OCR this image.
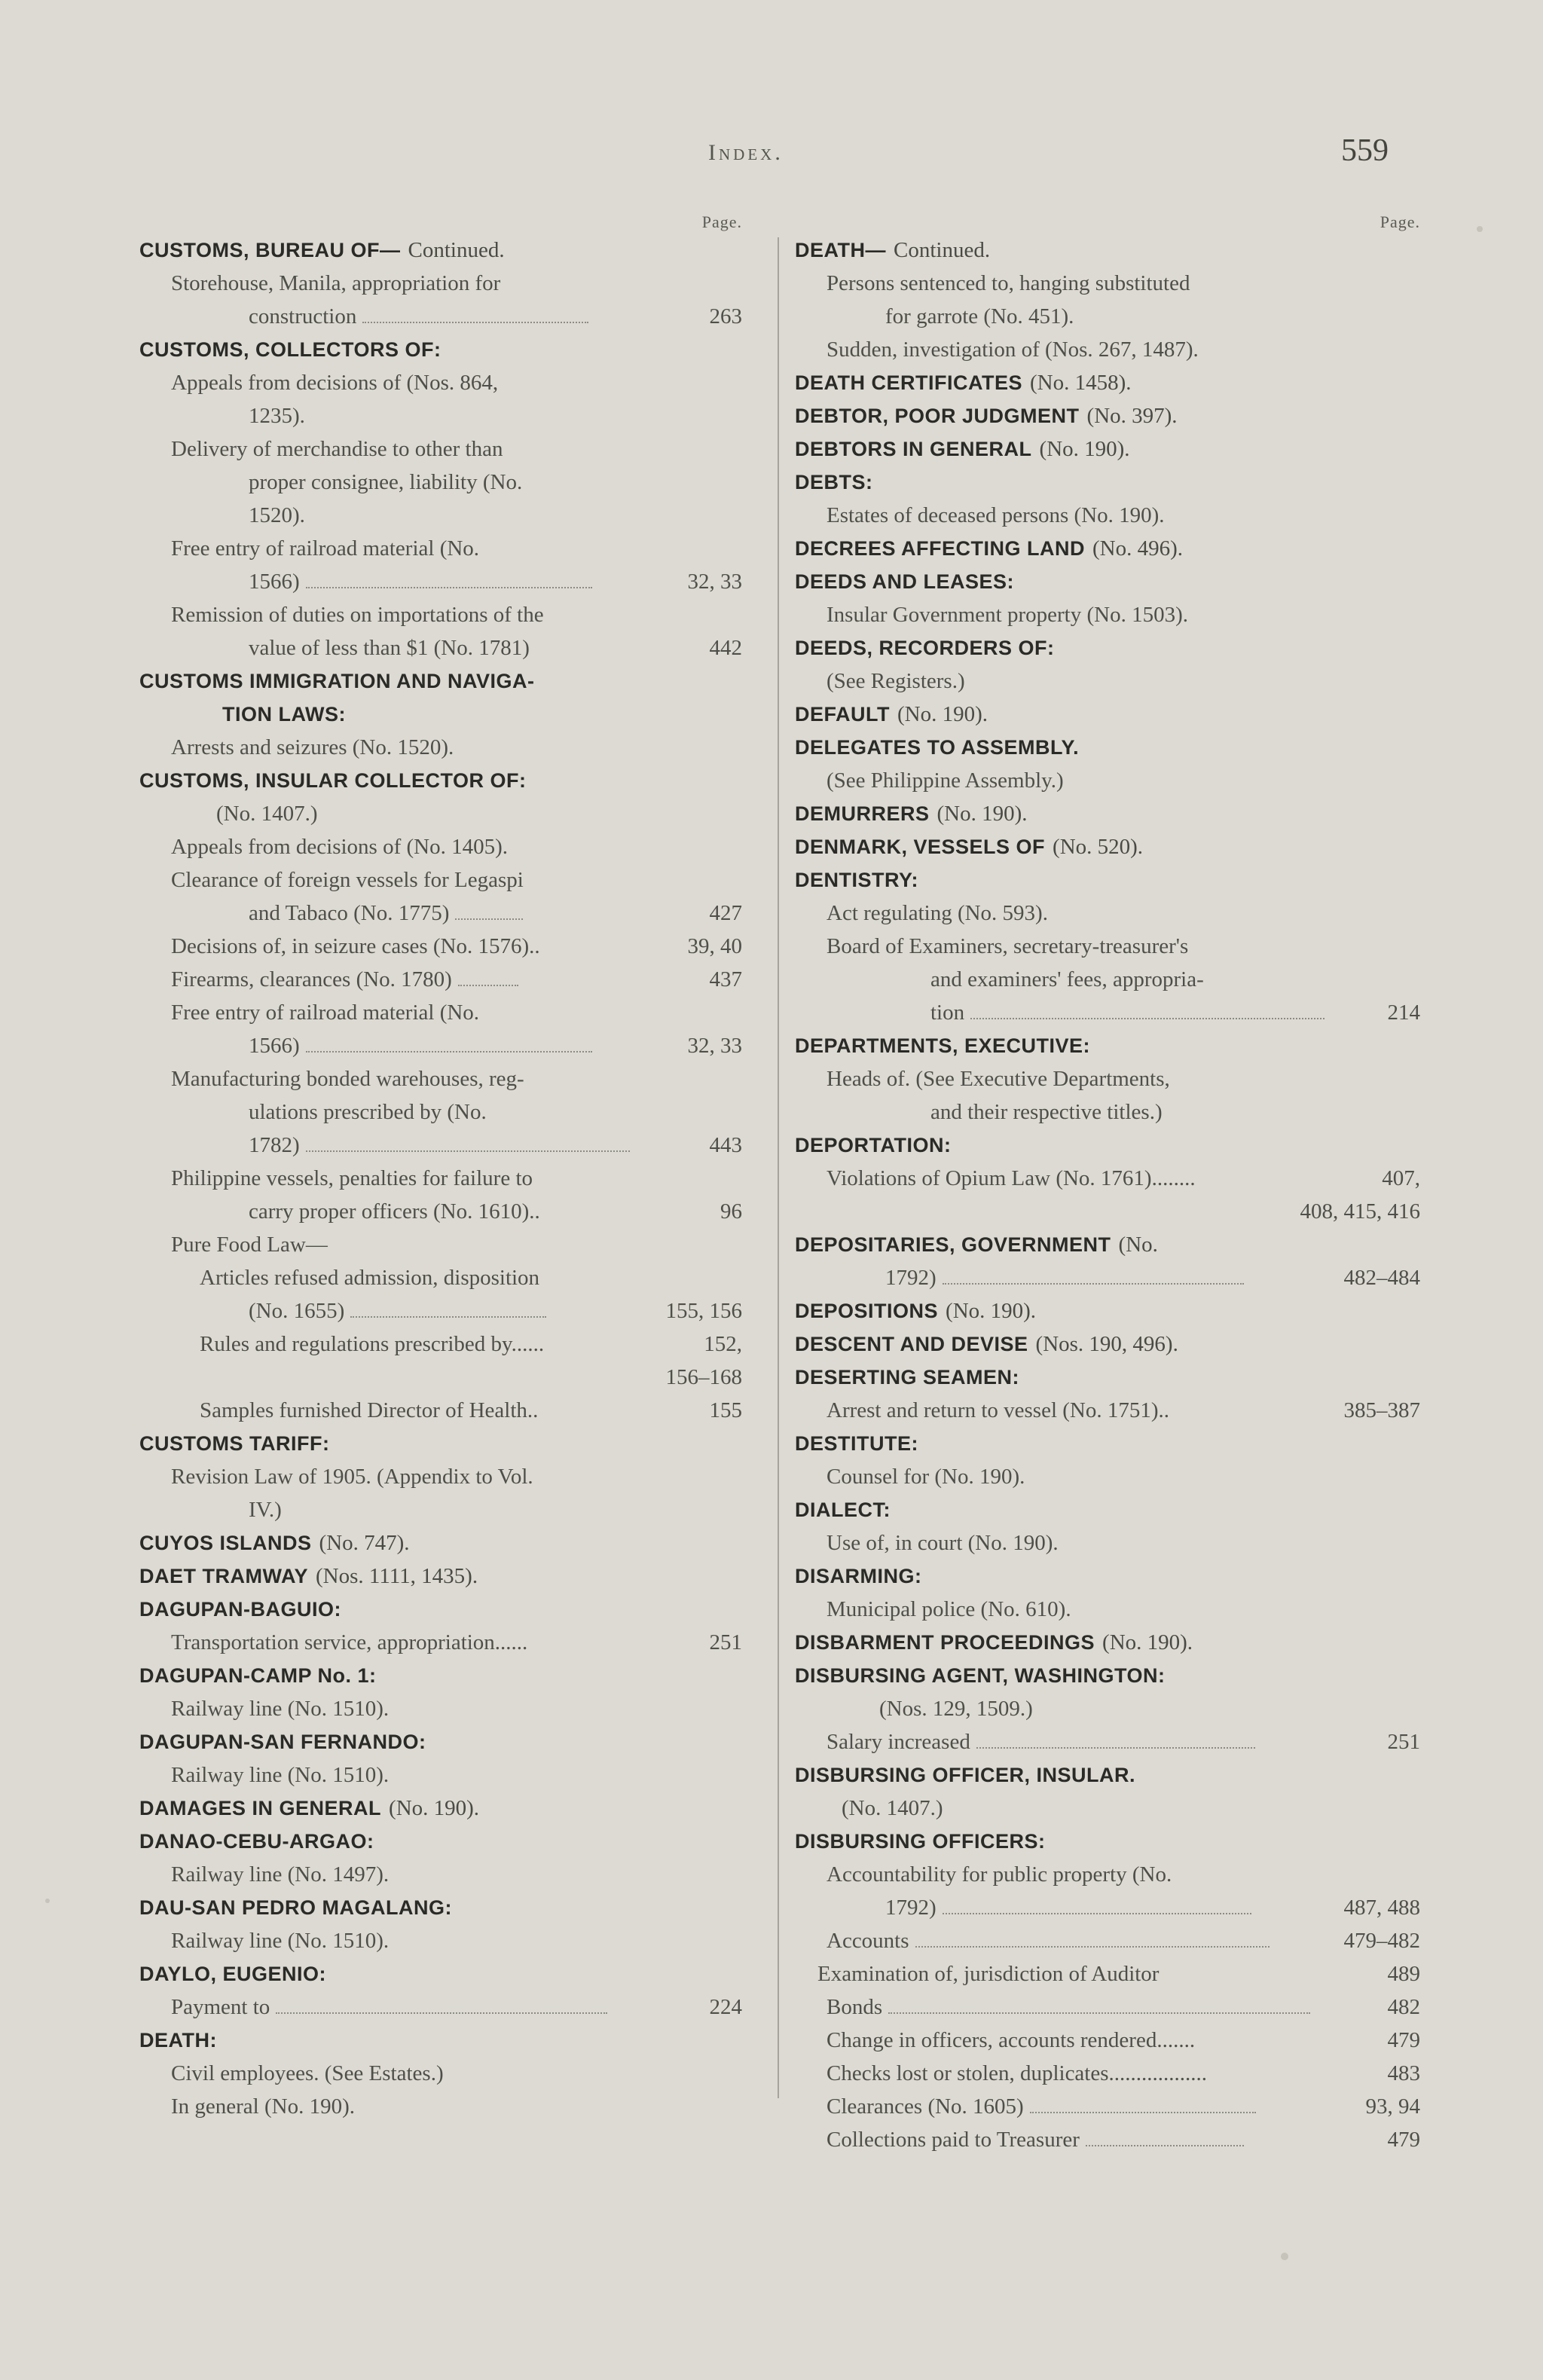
Index.	559
Page.
CUSTOMS, BUREAU OF— Continued.
Storehouse, Manila, appropriation for
construction	263
CUSTOMS, COLLECTORS OF:
Appeals from decisions of (Nos. 864,
1235).
Delivery of merchandise to other than
proper consignee, liability (No.
1520).
Free entry of railroad material (No.
1566)	32, 33
Remission of duties on importations of the
value of less than $1 (No. 1781)	442
CUSTOMS IMMIGRATION AND NAVIGA-
TION LAWS:
Arrests and seizures (No. 1520).
CUSTOMS, INSULAR COLLECTOR OF:
(No. 1407.)
Appeals from decisions of (No. 1405).
Clearance of foreign vessels for Legaspi
and Tabaco (No. 1775)	427
Decisions of, in seizure cases (No. 1576)..	39, 40
Firearms, clearances (No. 1780)	437
Free entry of railroad material (No.
1566)	32, 33
Manufacturing bonded warehouses, reg-
ulations prescribed by (No.
1782)	443
Philippine vessels, penalties for failure to
carry proper officers (No. 1610)..	96
Pure Food Law—
Articles refused admission, disposition
(No. 1655)	155, 156
Rules and regulations prescribed by......	152,
156–168
Samples furnished Director of Health..	155
CUSTOMS TARIFF:
Revision Law of 1905. (Appendix to Vol.
IV.)
CUYOS ISLANDS (No. 747).
DAET TRAMWAY (Nos. 1111, 1435).
DAGUPAN-BAGUIO:
Transportation service, appropriation......	251
DAGUPAN-CAMP No. 1:
Railway line (No. 1510).
DAGUPAN-SAN FERNANDO:
Railway line (No. 1510).
DAMAGES IN GENERAL (No. 190).
DANAO-CEBU-ARGAO:
Railway line (No. 1497).
DAU-SAN PEDRO MAGALANG:
Railway line (No. 1510).
DAYLO, EUGENIO:
Payment to	224
DEATH:
Civil employees. (See Estates.)
In general (No. 190).
Page.
DEATH— Continued.
Persons sentenced to, hanging substituted
for garrote (No. 451).
Sudden, investigation of (Nos. 267, 1487).
DEATH CERTIFICATES (No. 1458).
DEBTOR, POOR JUDGMENT (No. 397).
DEBTORS IN GENERAL (No. 190).
DEBTS:
Estates of deceased persons (No. 190).
DECREES AFFECTING LAND (No. 496).
DEEDS AND LEASES:
Insular Government property (No. 1503).
DEEDS, RECORDERS OF:
(See Registers.)
DEFAULT (No. 190).
DELEGATES TO ASSEMBLY.
(See Philippine Assembly.)
DEMURRERS (No. 190).
DENMARK, VESSELS OF (No. 520).
DENTISTRY:
Act regulating (No. 593).
Board of Examiners, secretary-treasurer's
and examiners' fees, appropria-
tion	214
DEPARTMENTS, EXECUTIVE:
Heads of. (See Executive Departments,
and their respective titles.)
DEPORTATION:
Violations of Opium Law (No. 1761)........	407,
408, 415, 416
DEPOSITARIES, GOVERNMENT (No.
1792)	482–484
DEPOSITIONS (No. 190).
DESCENT AND DEVISE (Nos. 190, 496).
DESERTING SEAMEN:
Arrest and return to vessel (No. 1751)..	385–387
DESTITUTE:
Counsel for (No. 190).
DIALECT:
Use of, in court (No. 190).
DISARMING:
Municipal police (No. 610).
DISBARMENT PROCEEDINGS (No. 190).
DISBURSING AGENT, WASHINGTON:
(Nos. 129, 1509.)
Salary increased	251
DISBURSING OFFICER, INSULAR.
(No. 1407.)
DISBURSING OFFICERS:
Accountability for public property (No.
1792)	487, 488
Accounts	479–482
Examination of, jurisdiction of Auditor	489
Bonds	482
Change in officers, accounts rendered.......	479
Checks lost or stolen, duplicates..................	483
Clearances (No. 1605)	93, 94
Collections paid to Treasurer	479
